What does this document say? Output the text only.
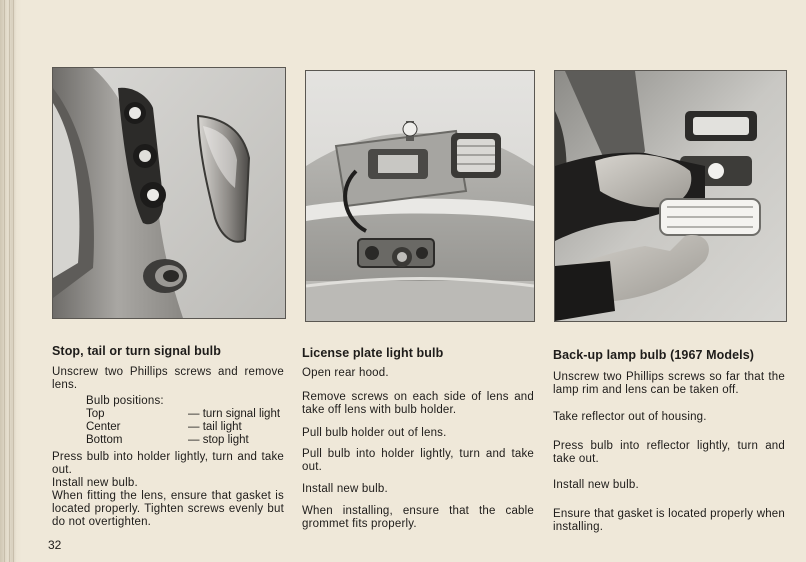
Stop, tail or turn signal bulb
Unscrew two Phillips screws and remove lens.
Bulb positions:
Top	— turn signal light
Center	— tail light
Bottom	— stop light
Press bulb into holder lightly, turn and take out.
Install new bulb.
When fitting the lens, ensure that gasket is located properly. Tighten screws evenly but do not overtighten.
License plate light bulb
Open rear hood.
Remove screws on each side of lens and take off lens with bulb holder.
Pull bulb holder out of lens.
Pull bulb into holder lightly, turn and take out.
Install new bulb.
When installing, ensure that the cable grommet fits properly.
Back-up lamp bulb (1967 Models)
Unscrew two Phillips screws so far that the lamp rim and lens can be taken off.
Take reflector out of housing.
Press bulb into reflector lightly, turn and take out.
Install new bulb.
Ensure that gasket is located properly when installing.
32
